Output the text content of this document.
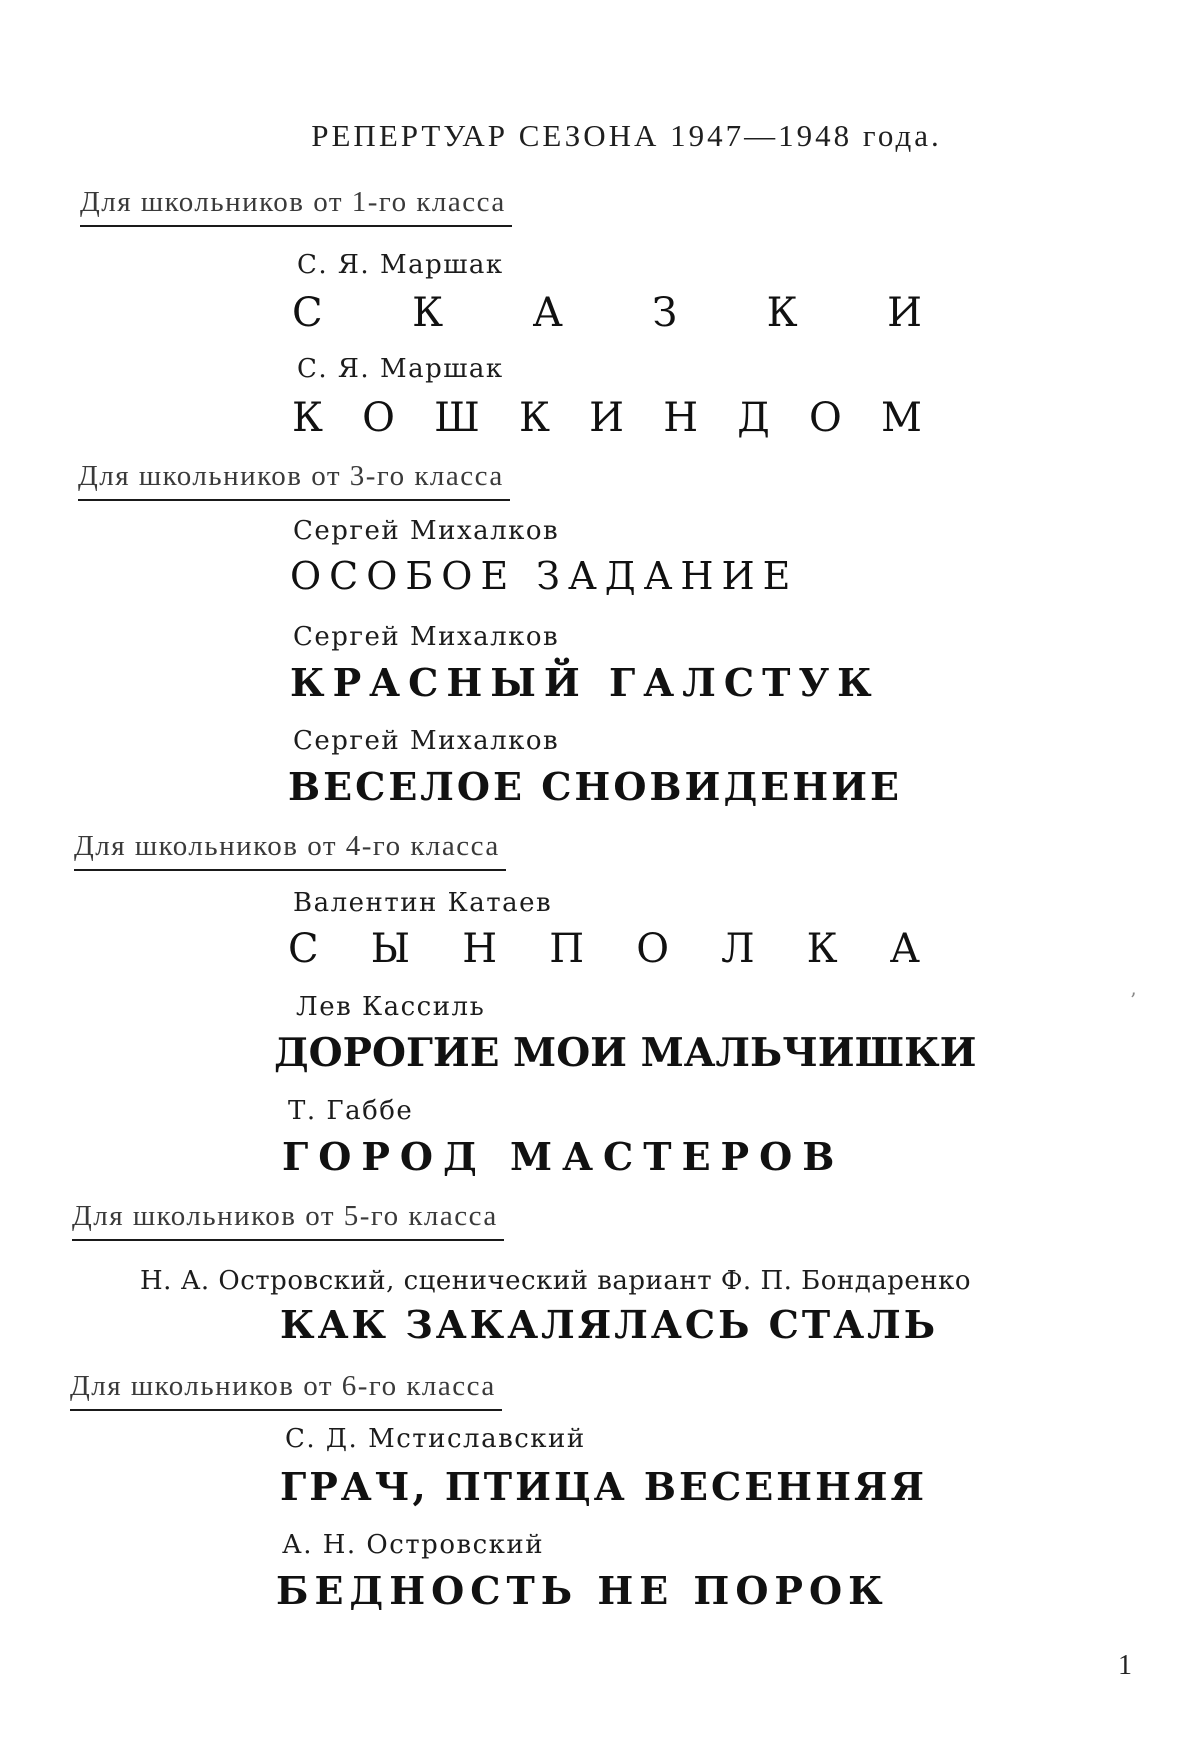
РЕПЕРТУАР СЕЗОНА 1947—1948 года.
Для школьников от 1-го класса
С. Я. Маршак
С К А З К И
С. Я. Маршак
К О Ш К И Н Д О М
Для школьников от 3-го класса
Сергей Михалков
ОСОБОЕ ЗАДАНИЕ
Сергей Михалков
КРАСНЫЙ ГАЛСТУК
Сергей Михалков
ВЕСЕЛОЕ СНОВИДЕНИЕ
Для школьников от 4-го класса
Валентин Катаев
С Ы Н П О Л К А
Лев Кассиль
ДОРОГИЕ МОИ МАЛЬЧИШКИ
Т. Габбе
ГОРОД МАСТЕРОВ
Для школьников от 5-го класса
Н. А. Островский, сценический вариант Ф. П. Бондаренко
КАК ЗАКАЛЯЛАСЬ СТАЛЬ
Для школьников от 6-го класса
С. Д. Мстиславский
ГРАЧ, ПТИЦА ВЕСЕННЯЯ
А. Н. Островский
БЕДНОСТЬ НЕ ПОРОК
1
’
